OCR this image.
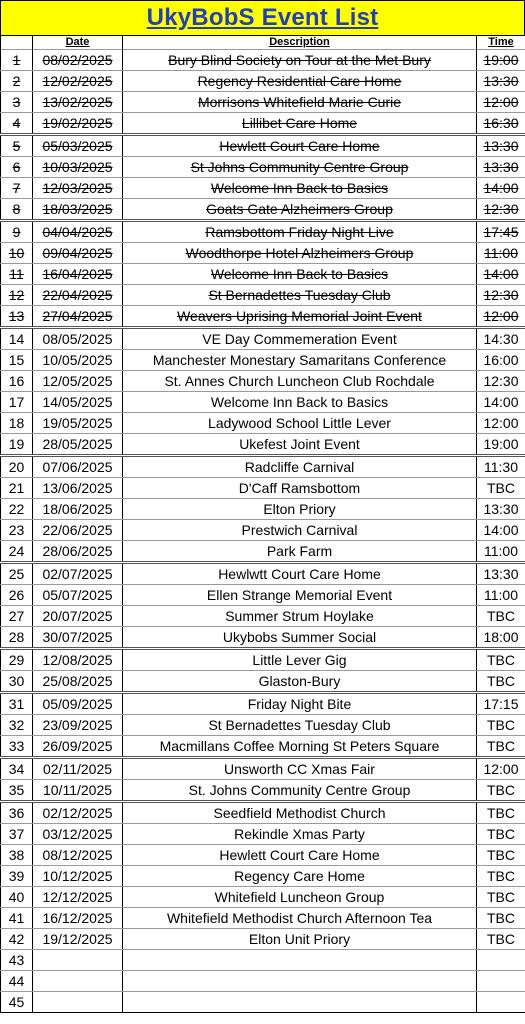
UkyBobS Event List
	Date	Description	Time
1	08/02/2025	Bury Blind Society on Tour at the Met Bury	19:00
2	12/02/2025	Regency Residential Care Home	13:30
3	13/02/2025	Morrisons Whitefield Marie Curie	12:00
4	19/02/2025	Lillibet Care Home	16:30
5	05/03/2025	Hewlett Court Care Home	13:30
6	10/03/2025	St Johns Community Centre Group	13:30
7	12/03/2025	Welcome Inn Back to Basics	14:00
8	18/03/2025	Goats Gate Alzheimers Group	12:30
9	04/04/2025	Ramsbottom Friday Night Live	17:45
10	09/04/2025	Woodthorpe Hotel Alzheimers Group	11:00
11	16/04/2025	Welcome Inn Back to Basics	14:00
12	22/04/2025	St Bernadettes Tuesday Club	12:30
13	27/04/2025	Weavers Uprising Memorial Joint Event	12:00
14	08/05/2025	VE Day Commemeration Event	14:30
15	10/05/2025	Manchester Monestary Samaritans Conference	16:00
16	12/05/2025	St. Annes Church Luncheon Club Rochdale	12:30
17	14/05/2025	Welcome Inn Back to Basics	14:00
18	19/05/2025	Ladywood School Little Lever	12:00
19	28/05/2025	Ukefest Joint Event	19:00
20	07/06/2025	Radcliffe Carnival	11:30
21	13/06/2025	D'Caff Ramsbottom	TBC
22	18/06/2025	Elton Priory	13:30
23	22/06/2025	Prestwich Carnival	14:00
24	28/06/2025	Park Farm	11:00
25	02/07/2025	Hewlwtt Court Care Home	13:30
26	05/07/2025	Ellen Strange Memorial Event	11:00
27	20/07/2025	Summer Strum Hoylake	TBC
28	30/07/2025	Ukybobs Summer Social	18:00
29	12/08/2025	Little Lever Gig	TBC
30	25/08/2025	Glaston-Bury	TBC
31	05/09/2025	Friday Night Bite	17:15
32	23/09/2025	St Bernadettes Tuesday Club	TBC
33	26/09/2025	Macmillans Coffee Morning St Peters Square	TBC
34	02/11/2025	Unsworth CC Xmas Fair	12:00
35	10/11/2025	St. Johns Community Centre Group	TBC
36	02/12/2025	Seedfield Methodist Church	TBC
37	03/12/2025	Rekindle Xmas Party	TBC
38	08/12/2025	Hewlett Court Care Home	TBC
39	10/12/2025	Regency Care Home	TBC
40	12/12/2025	Whitefield Luncheon Group	TBC
41	16/12/2025	Whitefield Methodist Church Afternoon Tea	TBC
42	19/12/2025	Elton Unit Priory	TBC
43			
44			
45			
